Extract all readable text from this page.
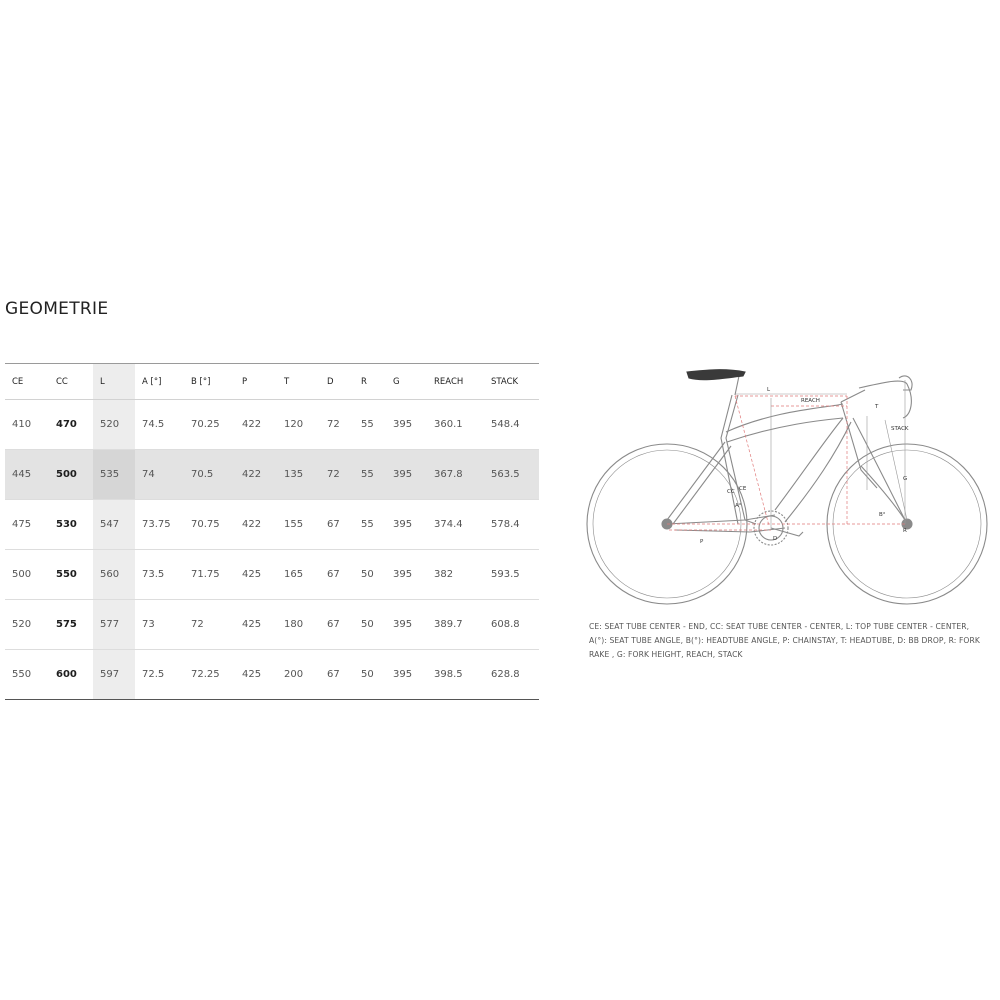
GEOMETRIE
CE	CC	L	A [°]	B [°]	P	T	D	R	G	REACH	STACK
410	470	520	74.5	70.25	422	120	72	55	395	360.1	548.4
445	500	535	74	70.5	422	135	72	55	395	367.8	563.5
475	530	547	73.75	70.75	422	155	67	55	395	374.4	578.4
500	550	560	73.5	71.75	425	165	67	50	395	382	593.5
520	575	577	73	72	425	180	67	50	395	389.7	608.8
550	600	597	72.5	72.25	425	200	67	50	395	398.5	628.8
L
REACH
T
STACK
G
CC CE
A°
B°
P	D
R

CE: SEAT TUBE CENTER - END, CC: SEAT TUBE CENTER - CENTER, L: TOP TUBE CENTER - CENTER, A(°): SEAT TUBE ANGLE, B(°): HEADTUBE ANGLE, P: CHAINSTAY, T: HEADTUBE, D: BB DROP, R: FORK RAKE , G: FORK HEIGHT, REACH, STACK
